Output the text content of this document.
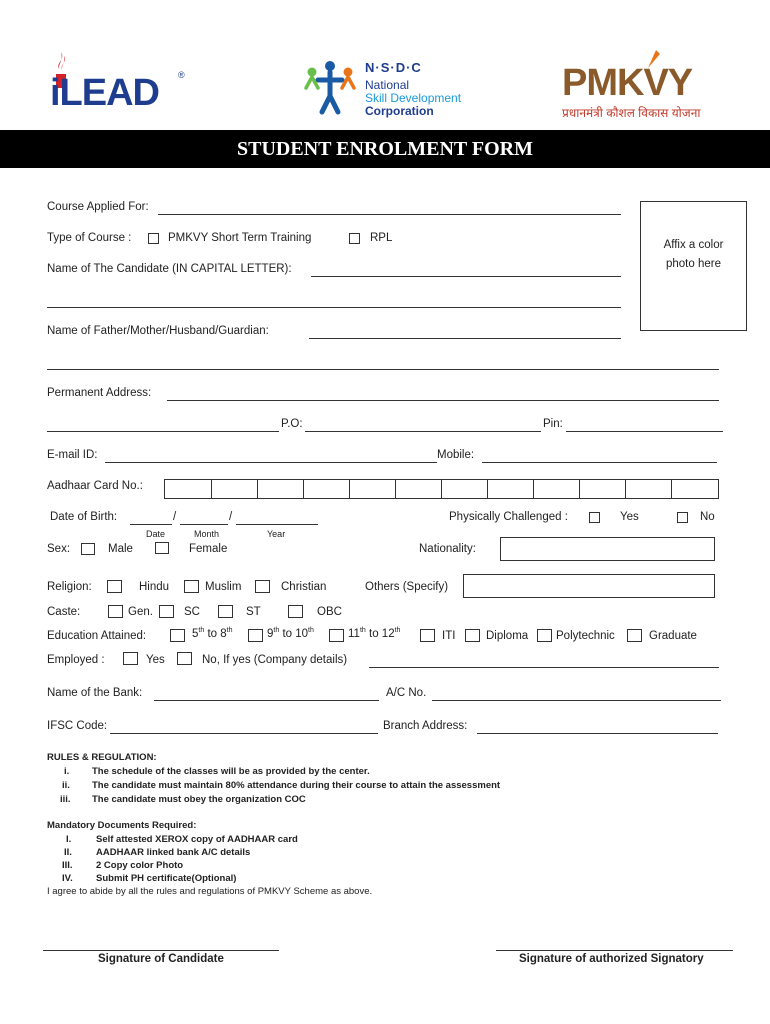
iLEAD ®	N·S·D·C
National
Skill Development
Corporation
PMKVY
प्रधानमंत्री कौशल विकास योजना
STUDENT ENROLMENT FORM
Affix a color
photo here
Course Applied For:
Type of Course :	PMKVY Short Term Training	RPL
Name of The Candidate (IN CAPITAL LETTER):
Name of Father/Mother/Husband/Guardian:
Permanent Address:
P.O:	Pin:
E-mail ID:	Mobile:
Aadhaar Card No.:
Date of Birth:	/	/
Date	Month	Year
Physically Challenged :	Yes	No
Sex:	Male	Female	Nationality:
Religion:	Hindu	Muslim	Christian	Others (Specify)
Caste:	Gen.	SC	ST	OBC
Education Attained:	5th to 8th	9th to 10th	11th to 12th	ITI	Diploma Polytechnic	Graduate
Employed :	Yes	No, If yes (Company details)
Name of the Bank:	A/C No.
IFSC Code:	Branch Address:
RULES & REGULATION:
i. The schedule of the classes will be as provided by the center.
ii. The candidate must maintain 80% attendance during their course to attain the assessment
iii. The candidate must obey the organization COC
Mandatory Documents Required:
I.	Self attested XEROX copy of AADHAAR card
II.	AADHAAR linked bank A/C details
III. 2 Copy color Photo
IV. Submit PH certificate(Optional)
I agree to abide by all the rules and regulations of PMKVY Scheme as above.
Signature of Candidate	Signature of authorized Signatory
